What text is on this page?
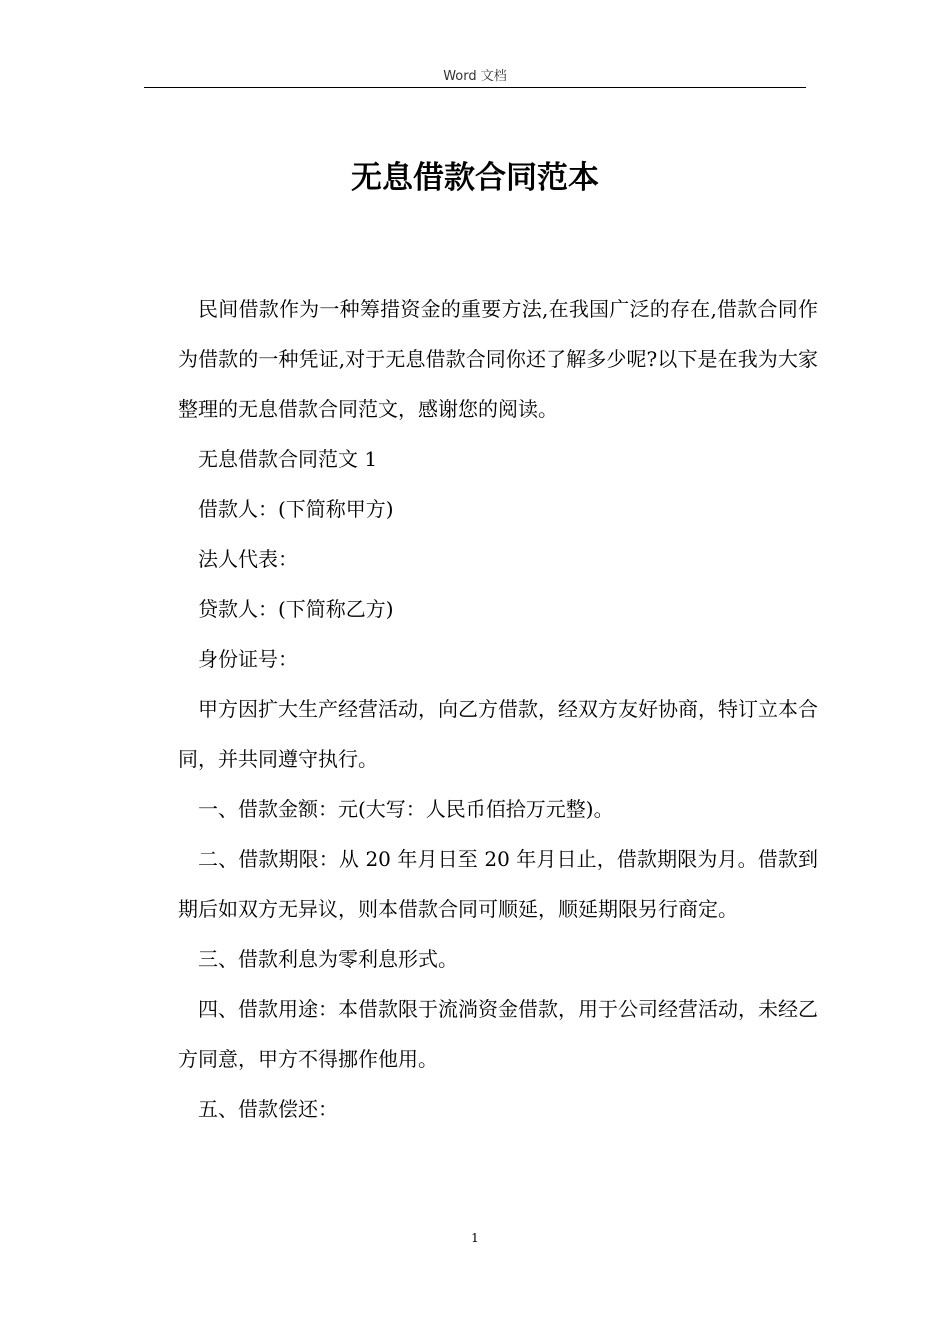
Word 文档
无息借款合同范本

民间借款作为一种筹措资金的重要方法,在我国广泛的存在,借款合同作为借款的一种凭证,对于无息借款合同你还了解多少呢?以下是在我为大家整理的无息借款合同范文，感谢您的阅读。

无息借款合同范文 1

借款人：(下简称甲方)

法人代表：

贷款人：(下简称乙方)

身份证号：

甲方因扩大生产经营活动，向乙方借款，经双方友好协商，特订立本合同，并共同遵守执行。

一、借款金额：元(大写：人民币佰拾万元整)。

二、借款期限：从 20 年月日至 20 年月日止，借款期限为月。借款到期后如双方无异议，则本借款合同可顺延，顺延期限另行商定。

三、借款利息为零利息形式。

四、借款用途：本借款限于流淌资金借款，用于公司经营活动，未经乙方同意，甲方不得挪作他用。

五、借款偿还：

1
